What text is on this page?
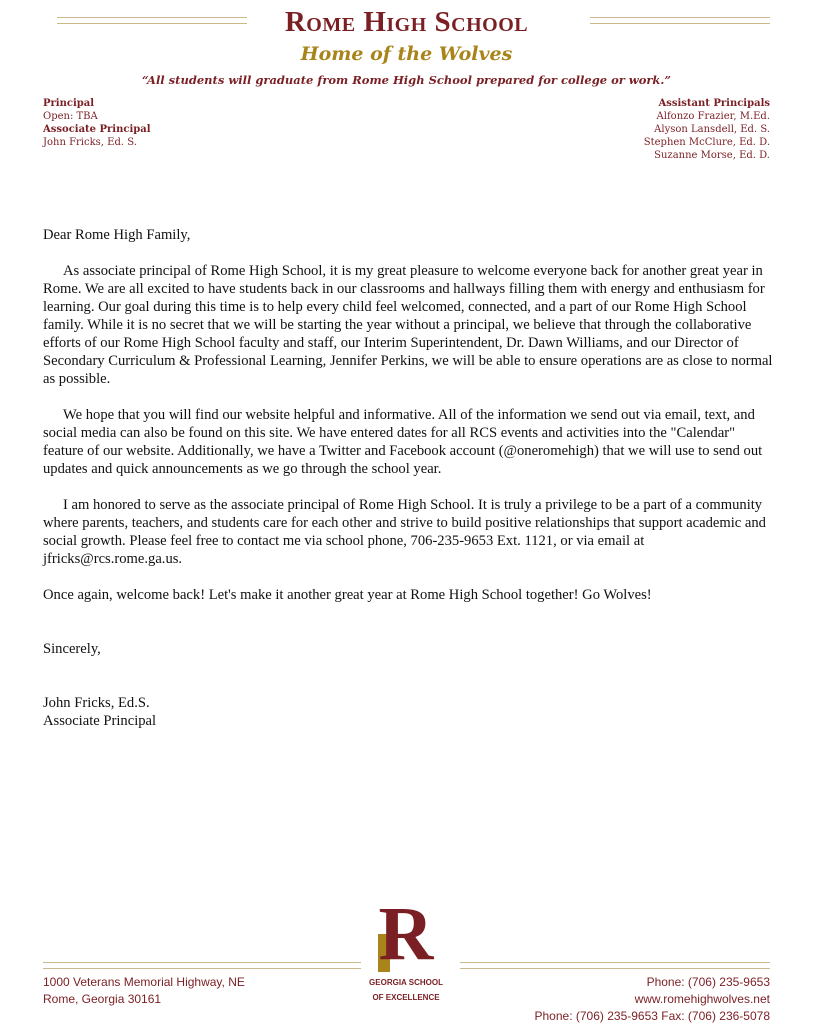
Rome High School
Home of the Wolves
“All students will graduate from Rome High School prepared for college or work.”
Principal
Open: TBA
Associate Principal
John Fricks, Ed. S.
Assistant Principals
Alfonzo Frazier, M.Ed.
Alyson Lansdell, Ed. S.
Stephen McClure, Ed. D.
Suzanne Morse, Ed. D.

Dear Rome High Family,

As associate principal of Rome High School, it is my great pleasure to welcome everyone back for another great year in Rome. We are all excited to have students back in our classrooms and hallways filling them with energy and enthusiasm for learning. Our goal during this time is to help every child feel welcomed, connected, and a part of our Rome High School family. While it is no secret that we will be starting the year without a principal, we believe that through the collaborative efforts of our Rome High School faculty and staff, our Interim Superintendent, Dr. Dawn Williams, and our Director of Secondary Curriculum & Professional Learning, Jennifer Perkins, we will be able to ensure operations are as close to normal as possible.

We hope that you will find our website helpful and informative. All of the information we send out via email, text, and social media can also be found on this site. We have entered dates for all RCS events and activities into the "Calendar" feature of our website. Additionally, we have a Twitter and Facebook account (@oneromehigh) that we will use to send out updates and quick announcements as we go through the school year.

I am honored to serve as the associate principal of Rome High School. It is truly a privilege to be a part of a community where parents, teachers, and students care for each other and strive to build positive relationships that support academic and social growth. Please feel free to contact me via school phone, 706-235-9653 Ext. 1121, or via email at jfricks@rcs.rome.ga.us.

Once again, welcome back! Let's make it another great year at Rome High School together! Go Wolves!

Sincerely,
John Fricks, Ed.S.
Associate Principal
R
GEORGIA SCHOOL
OF EXCELLENCE
1000 Veterans Memorial Highway, NE
Rome, Georgia 30161
Phone: (706) 235-9653
www.romehighwolves.net
Phone: (706) 235-9653 Fax: (706) 236-5078
